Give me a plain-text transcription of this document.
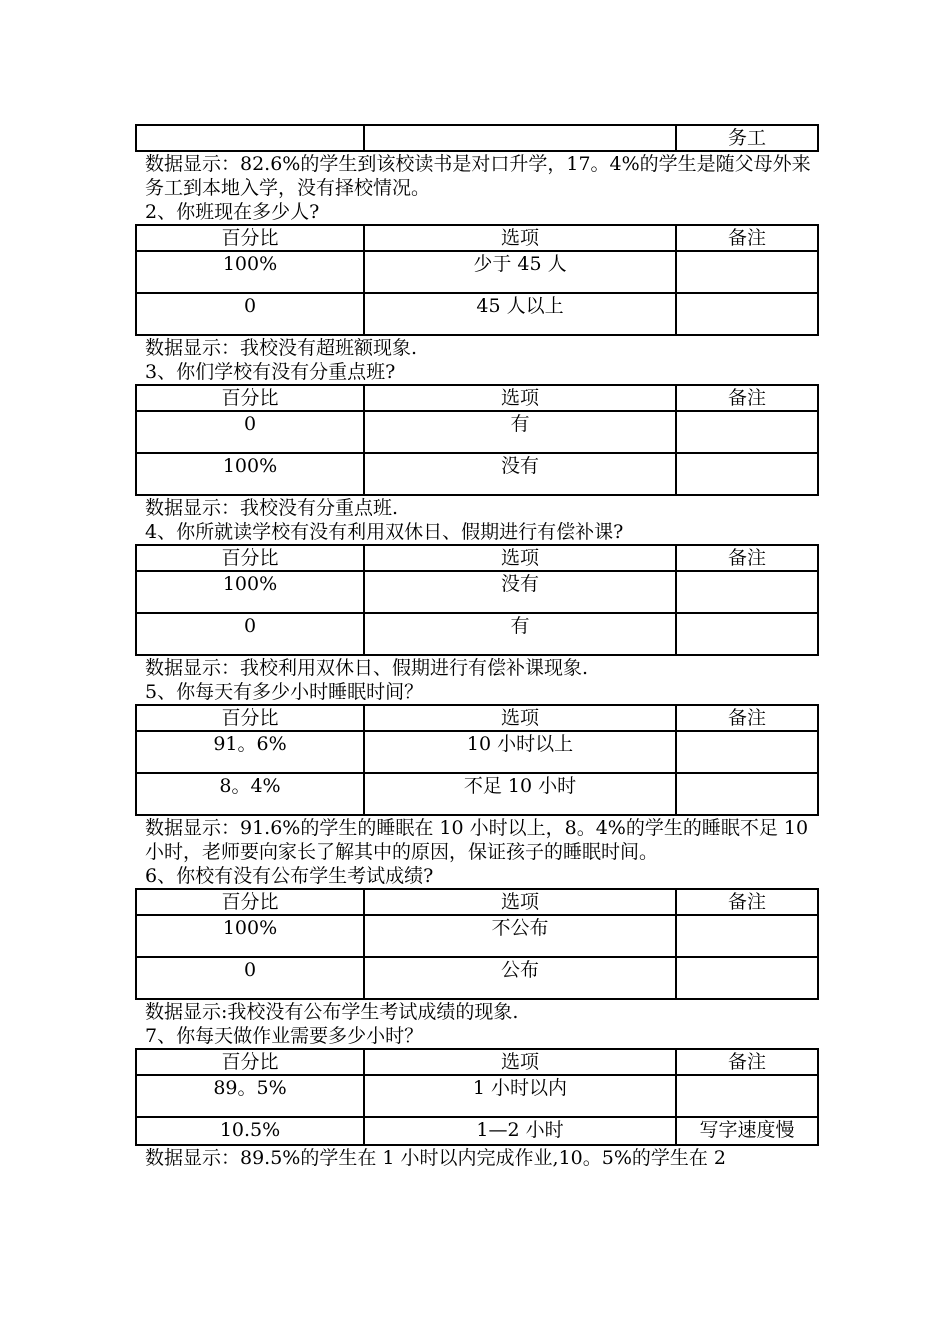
		务工

数据显示：82.6%的学生到该校读书是对口升学，17。4%的学生是随父母外来务工到本地入学，没有择校情况。

2、你班现在多少人?

百分比	选项	备注
100%	少于 45 人	
0	45 人以上	

数据显示：我校没有超班额现象.

3、你们学校有没有分重点班?

百分比	选项	备注
0	有	
100%	没有	

数据显示：我校没有分重点班.

4、你所就读学校有没有利用双休日、假期进行有偿补课?

百分比	选项	备注
100%	没有	
0	有	

数据显示：我校利用双休日、假期进行有偿补课现象.

5、你每天有多少小时睡眠时间？

百分比	选项	备注
91。6%	10 小时以上	
8。4%	不足 10 小时	

数据显示：91.6%的学生的睡眠在 10 小时以上，8。4%的学生的睡眠不足 10 小时，老师要向家长了解其中的原因，保证孩子的睡眠时间。

6、你校有没有公布学生考试成绩?

百分比	选项	备注
100%	不公布	
0	公布	

数据显示:我校没有公布学生考试成绩的现象.

7、你每天做作业需要多少小时？

百分比	选项	备注
89。5%	1 小时以内	
10.5%	1—2 小时	写字速度慢

数据显示：89.5%的学生在 1 小时以内完成作业,10。5%的学生在 2
